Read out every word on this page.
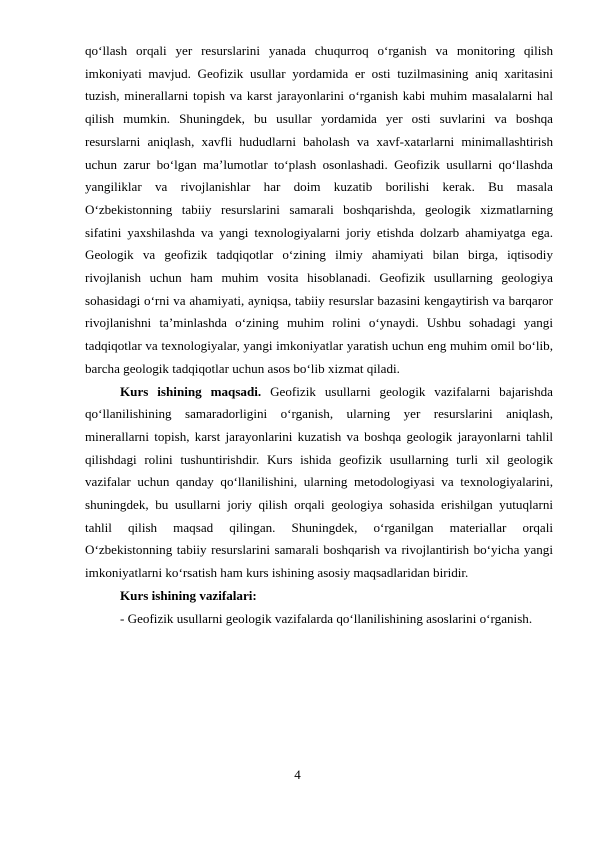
qo‘llash orqali yer resurslarini yanada chuqurroq o‘rganish va monitoring qilish imkoniyati mavjud. Geofizik usullar yordamida er osti tuzilmasining aniq xaritasini tuzish, minerallarni topish va karst jarayonlarini o‘rganish kabi muhim masalalarni hal qilish mumkin. Shuningdek, bu usullar yordamida yer osti suvlarini va boshqa resurslarni aniqlash, xavfli hududlarni baholash va xavf-xatarlarni minimallashtirish uchun zarur bo‘lgan ma’lumotlar to‘plash osonlashadi. Geofizik usullarni qo‘llashda yangiliklar va rivojlanishlar har doim kuzatib borilishi kerak. Bu masala O‘zbekistonning tabiiy resurslarini samarali boshqarishda, geologik xizmatlarning sifatini yaxshilashda va yangi texnologiyalarni joriy etishda dolzarb ahamiyatga ega. Geologik va geofizik tadqiqotlar o‘zining ilmiy ahamiyati bilan birga, iqtisodiy rivojlanish uchun ham muhim vosita hisoblanadi. Geofizik usullarning geologiya sohasidagi o‘rni va ahamiyati, ayniqsa, tabiiy resurslar bazasini kengaytirish va barqaror rivojlanishni ta’minlashda o‘zining muhim rolini o‘ynaydi. Ushbu sohadagi yangi tadqiqotlar va texnologiyalar, yangi imkoniyatlar yaratish uchun eng muhim omil bo‘lib, barcha geologik tadqiqotlar uchun asos bo‘lib xizmat qiladi.

Kurs ishining maqsadi. Geofizik usullarni geologik vazifalarni bajarishda qo‘llanilishining samaradorligini o‘rganish, ularning yer resurslarini aniqlash, minerallarni topish, karst jarayonlarini kuzatish va boshqa geologik jarayonlarni tahlil qilishdagi rolini tushuntirishdir. Kurs ishida geofizik usullarning turli xil geologik vazifalar uchun qanday qo‘llanilishini, ularning metodologiyasi va texnologiyalarini, shuningdek, bu usullarni joriy qilish orqali geologiya sohasida erishilgan yutuqlarni tahlil qilish maqsad qilingan. Shuningdek, o‘rganilgan materiallar orqali O‘zbekistonning tabiiy resurslarini samarali boshqarish va rivojlantirish bo‘yicha yangi imkoniyatlarni ko‘rsatish ham kurs ishining asosiy maqsadlaridan biridir.

Kurs ishining vazifalari:

- Geofizik usullarni geologik vazifalarda qo‘llanilishining asoslarini o‘rganish.

4
